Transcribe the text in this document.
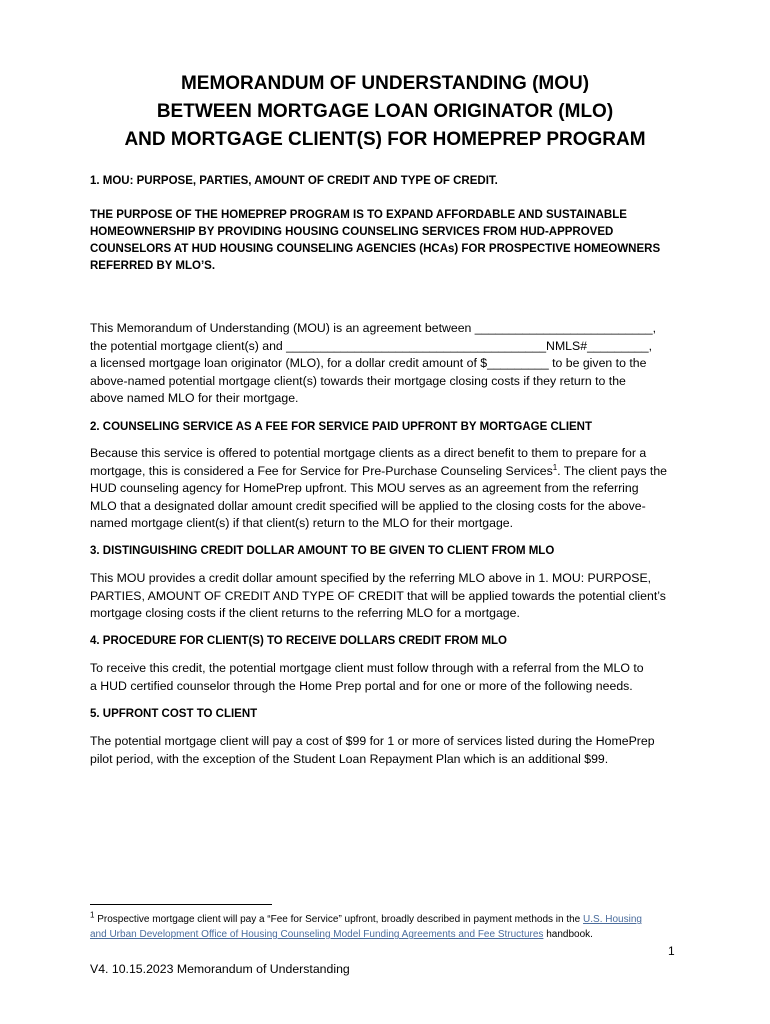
MEMORANDUM OF UNDERSTANDING (MOU)
BETWEEN MORTGAGE LOAN ORIGINATOR (MLO)
AND MORTGAGE CLIENT(S) FOR HOMEPREP PROGRAM
1. MOU: PURPOSE, PARTIES, AMOUNT OF CREDIT AND TYPE OF CREDIT.
THE PURPOSE OF THE HOMEPREP PROGRAM IS TO EXPAND AFFORDABLE AND SUSTAINABLE
HOMEOWNERSHIP BY PROVIDING HOUSING COUNSELING SERVICES FROM HUD-APPROVED
COUNSELORS AT HUD HOUSING COUNSELING AGENCIES (HCAs) FOR PROSPECTIVE HOMEOWNERS
REFERRED BY MLO’S.
This Memorandum of Understanding (MOU) is an agreement between __________________________,
the potential mortgage client(s) and ______________________________________NMLS#_________,
a licensed mortgage loan originator (MLO), for a dollar credit amount of $_________ to be given to the
above-named potential mortgage client(s) towards their mortgage closing costs if they return to the
above named MLO for their mortgage.
2. COUNSELING SERVICE AS A FEE FOR SERVICE PAID UPFRONT BY MORTGAGE CLIENT
Because this service is offered to potential mortgage clients as a direct benefit to them to prepare for a
mortgage, this is considered a Fee for Service for Pre-Purchase Counseling Services$^1$. The client pays the
HUD counseling agency for HomePrep upfront. This MOU serves as an agreement from the referring
MLO that a designated dollar amount credit specified will be applied to the closing costs for the above-
named mortgage client(s) if that client(s) return to the MLO for their mortgage.
3. DISTINGUISHING CREDIT DOLLAR AMOUNT TO BE GIVEN TO CLIENT FROM MLO
This MOU provides a credit dollar amount specified by the referring MLO above in 1. MOU: PURPOSE,
PARTIES, AMOUNT OF CREDIT AND TYPE OF CREDIT that will be applied towards the potential client’s
mortgage closing costs if the client returns to the referring MLO for a mortgage.
4. PROCEDURE FOR CLIENT(S) TO RECEIVE DOLLARS CREDIT FROM MLO
To receive this credit, the potential mortgage client must follow through with a referral from the MLO to
a HUD certified counselor through the Home Prep portal and for one or more of the following needs.
5. UPFRONT COST TO CLIENT
The potential mortgage client will pay a cost of $99 for 1 or more of services listed during the HomePrep
pilot period, with the exception of the Student Loan Repayment Plan which is an additional $99.
$^1$ Prospective mortgage client will pay a “Fee for Service” upfront, broadly described in payment methods in the U.S. Housing
and Urban Development Office of Housing Counseling Model Funding Agreements and Fee Structures handbook.
1
V4. 10.15.2023 Memorandum of Understanding
